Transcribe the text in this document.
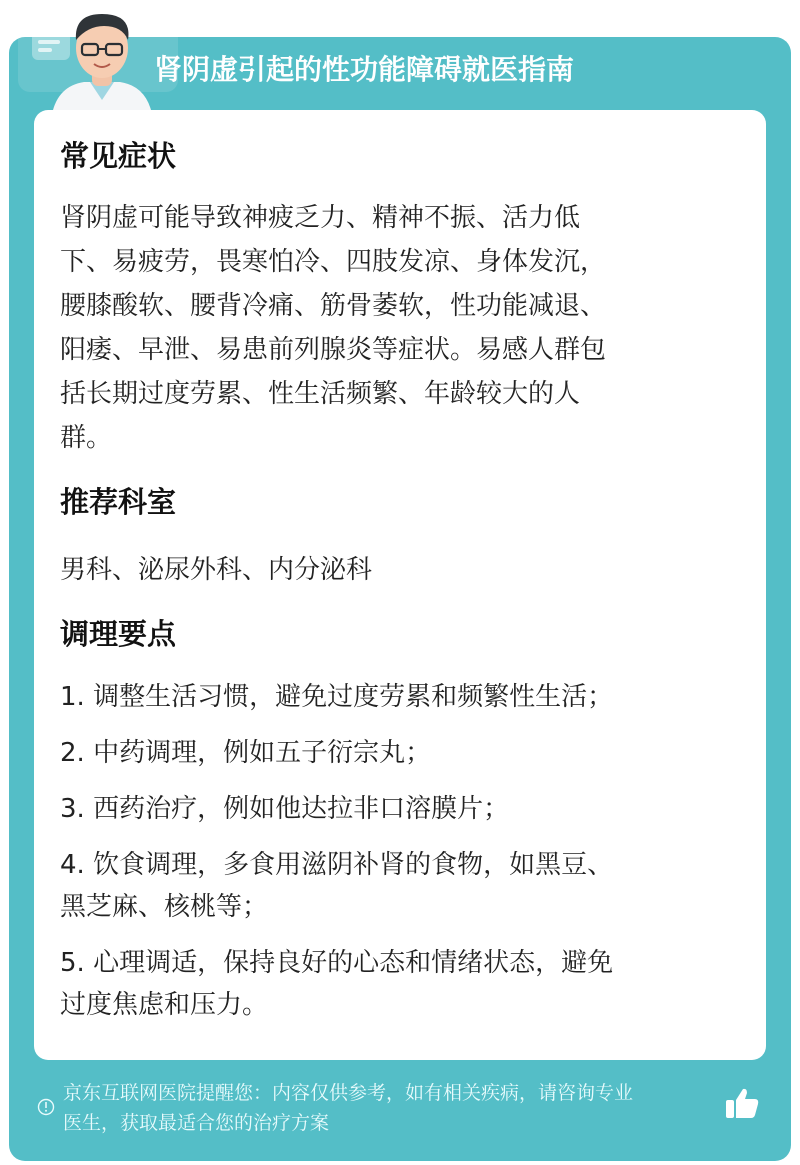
肾阴虚引起的性功能障碍就医指南
常见症状

肾阴虚可能导致神疲乏力、精神不振、活力低

下、易疲劳，畏寒怕冷、四肢发凉、身体发沉，

腰膝酸软、腰背冷痛、筋骨萎软，性功能减退、

阳痿、早泄、易患前列腺炎等症状。易感人群包

括长期过度劳累、性生活频繁、年龄较大的人

群。

推荐科室

男科、泌尿外科、内分泌科

调理要点

1. 调整生活习惯，避免过度劳累和频繁性生活；

2. 中药调理，例如五子衍宗丸；

3. 西药治疗，例如他达拉非口溶膜片；

4. 饮食调理，多食用滋阴补肾的食物，如黑豆、

黑芝麻、核桃等；

5. 心理调适，保持良好的心态和情绪状态，避免

过度焦虑和压力。

京东互联网医院提醒您：内容仅供参考，如有相关疾病，请咨询专业
医生，获取最适合您的治疗方案
